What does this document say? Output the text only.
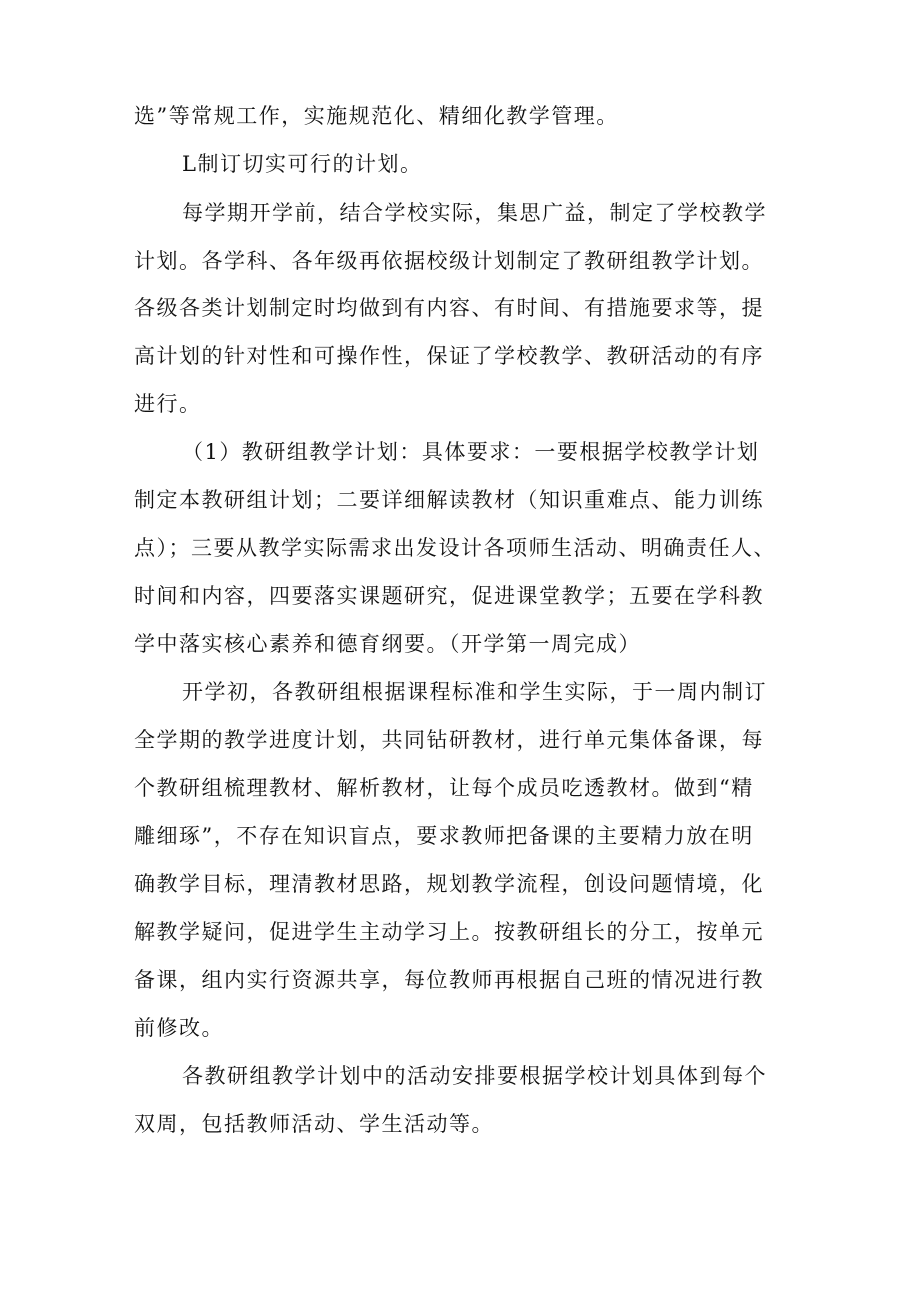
选”等常规工作，实施规范化、精细化教学管理。
L制订切实可行的计划。
每学期开学前，结合学校实际，集思广益，制定了学校教学
计划。各学科、各年级再依据校级计划制定了教研组教学计划。
各级各类计划制定时均做到有内容、有时间、有措施要求等，提
高计划的针对性和可操作性，保证了学校教学、教研活动的有序
进行。
（1）教研组教学计划：具体要求：一要根据学校教学计划
制定本教研组计划；二要详细解读教材（知识重难点、能力训练
点）；三要从教学实际需求出发设计各项师生活动、明确责任人、
时间和内容，四要落实课题研究，促进课堂教学；五要在学科教
学中落实核心素养和德育纲要。（开学第一周完成）
开学初，各教研组根据课程标准和学生实际，于一周内制订
全学期的教学进度计划，共同钻研教材，进行单元集体备课，每
个教研组梳理教材、解析教材，让每个成员吃透教材。做到“精
雕细琢”，不存在知识盲点，要求教师把备课的主要精力放在明
确教学目标，理清教材思路，规划教学流程，创设问题情境，化
解教学疑问，促进学生主动学习上。按教研组长的分工，按单元
备课，组内实行资源共享，每位教师再根据自己班的情况进行教
前修改。
各教研组教学计划中的活动安排要根据学校计划具体到每个
双周，包括教师活动、学生活动等。
